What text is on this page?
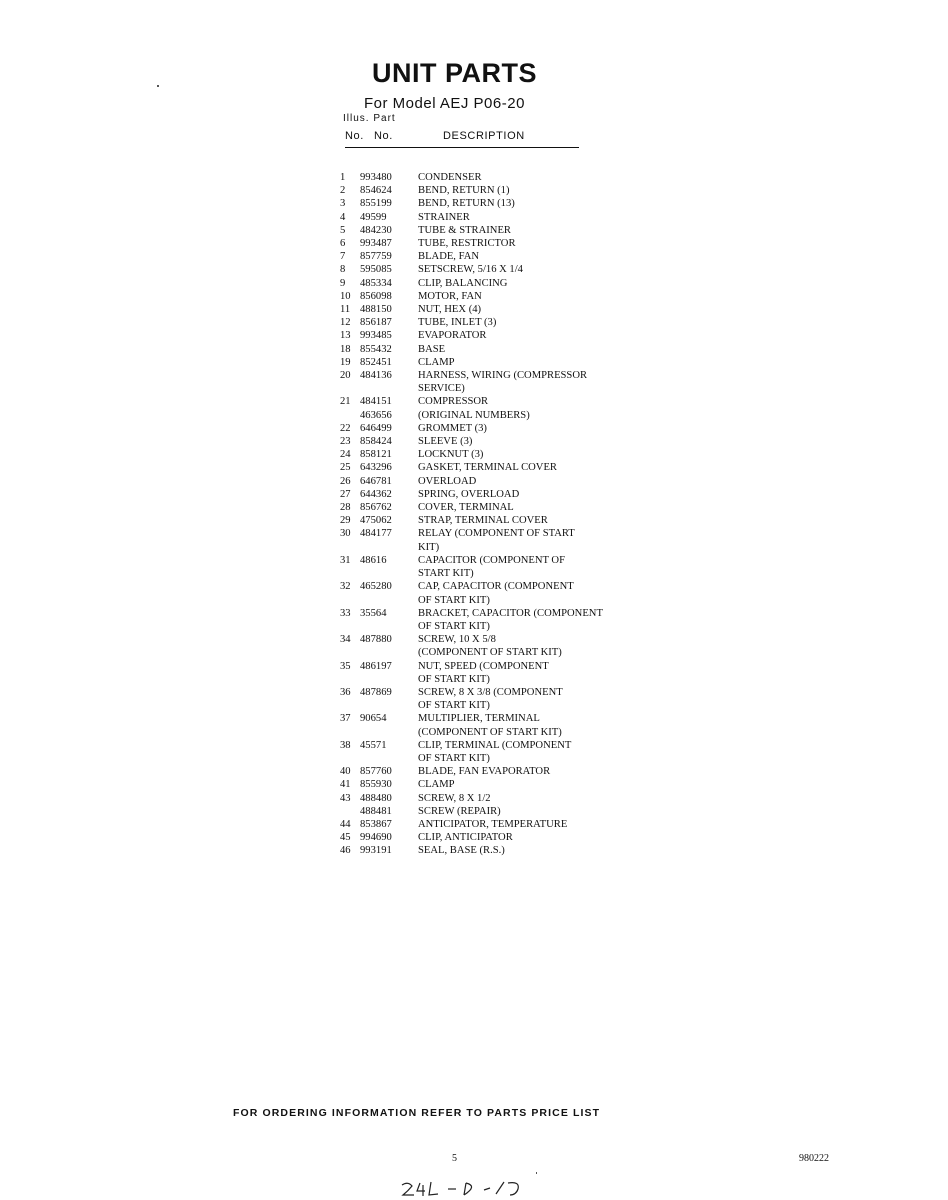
UNIT PARTS
For Model AEJ P06-20
Illus. Part
No. No.	DESCRIPTION
1	993480	CONDENSER
2	854624	BEND, RETURN (1)
3	855199	BEND, RETURN (13)
4	49599	STRAINER
5	484230	TUBE & STRAINER
6	993487	TUBE, RESTRICTOR
7	857759	BLADE, FAN
8	595085	SETSCREW, 5/16 X 1/4
9	485334	CLIP, BALANCING
10 856098	MOTOR, FAN
11 488150	NUT, HEX (4)
12 856187	TUBE, INLET (3)
13 993485	EVAPORATOR
18 855432	BASE
19 852451	CLAMP
20 484136	HARNESS, WIRING (COMPRESSOR
SERVICE)
21 484151	COMPRESSOR
463656	(ORIGINAL NUMBERS)
22 646499	GROMMET (3)
23 858424	SLEEVE (3)
24 858121	LOCKNUT (3)
25 643296	GASKET, TERMINAL COVER
26 646781	OVERLOAD
27 644362	SPRING, OVERLOAD
28 856762	COVER, TERMINAL
29 475062	STRAP, TERMINAL COVER
30 484177	RELAY (COMPONENT OF START
KIT)
31 48616	CAPACITOR (COMPONENT OF
START KIT)
32 465280	CAP, CAPACITOR (COMPONENT
OF START KIT)
33 35564	BRACKET, CAPACITOR (COMPONENT
OF START KIT)
34 487880	SCREW, 10 X 5/8
(COMPONENT OF START KIT)
35 486197	NUT, SPEED (COMPONENT
OF START KIT)
36 487869	SCREW, 8 X 3/8 (COMPONENT
OF START KIT)
37 90654	MULTIPLIER, TERMINAL
(COMPONENT OF START KIT)
38 45571	CLIP, TERMINAL (COMPONENT
OF START KIT)
40 857760	BLADE, FAN EVAPORATOR
41 855930	CLAMP
43 488480	SCREW, 8 X 1/2
488481	SCREW (REPAIR)
44 853867	ANTICIPATOR, TEMPERATURE
45 994690	CLIP, ANTICIPATOR
46 993191	SEAL, BASE (R.S.)
FOR ORDERING INFORMATION REFER TO PARTS PRICE LIST
5	980222
